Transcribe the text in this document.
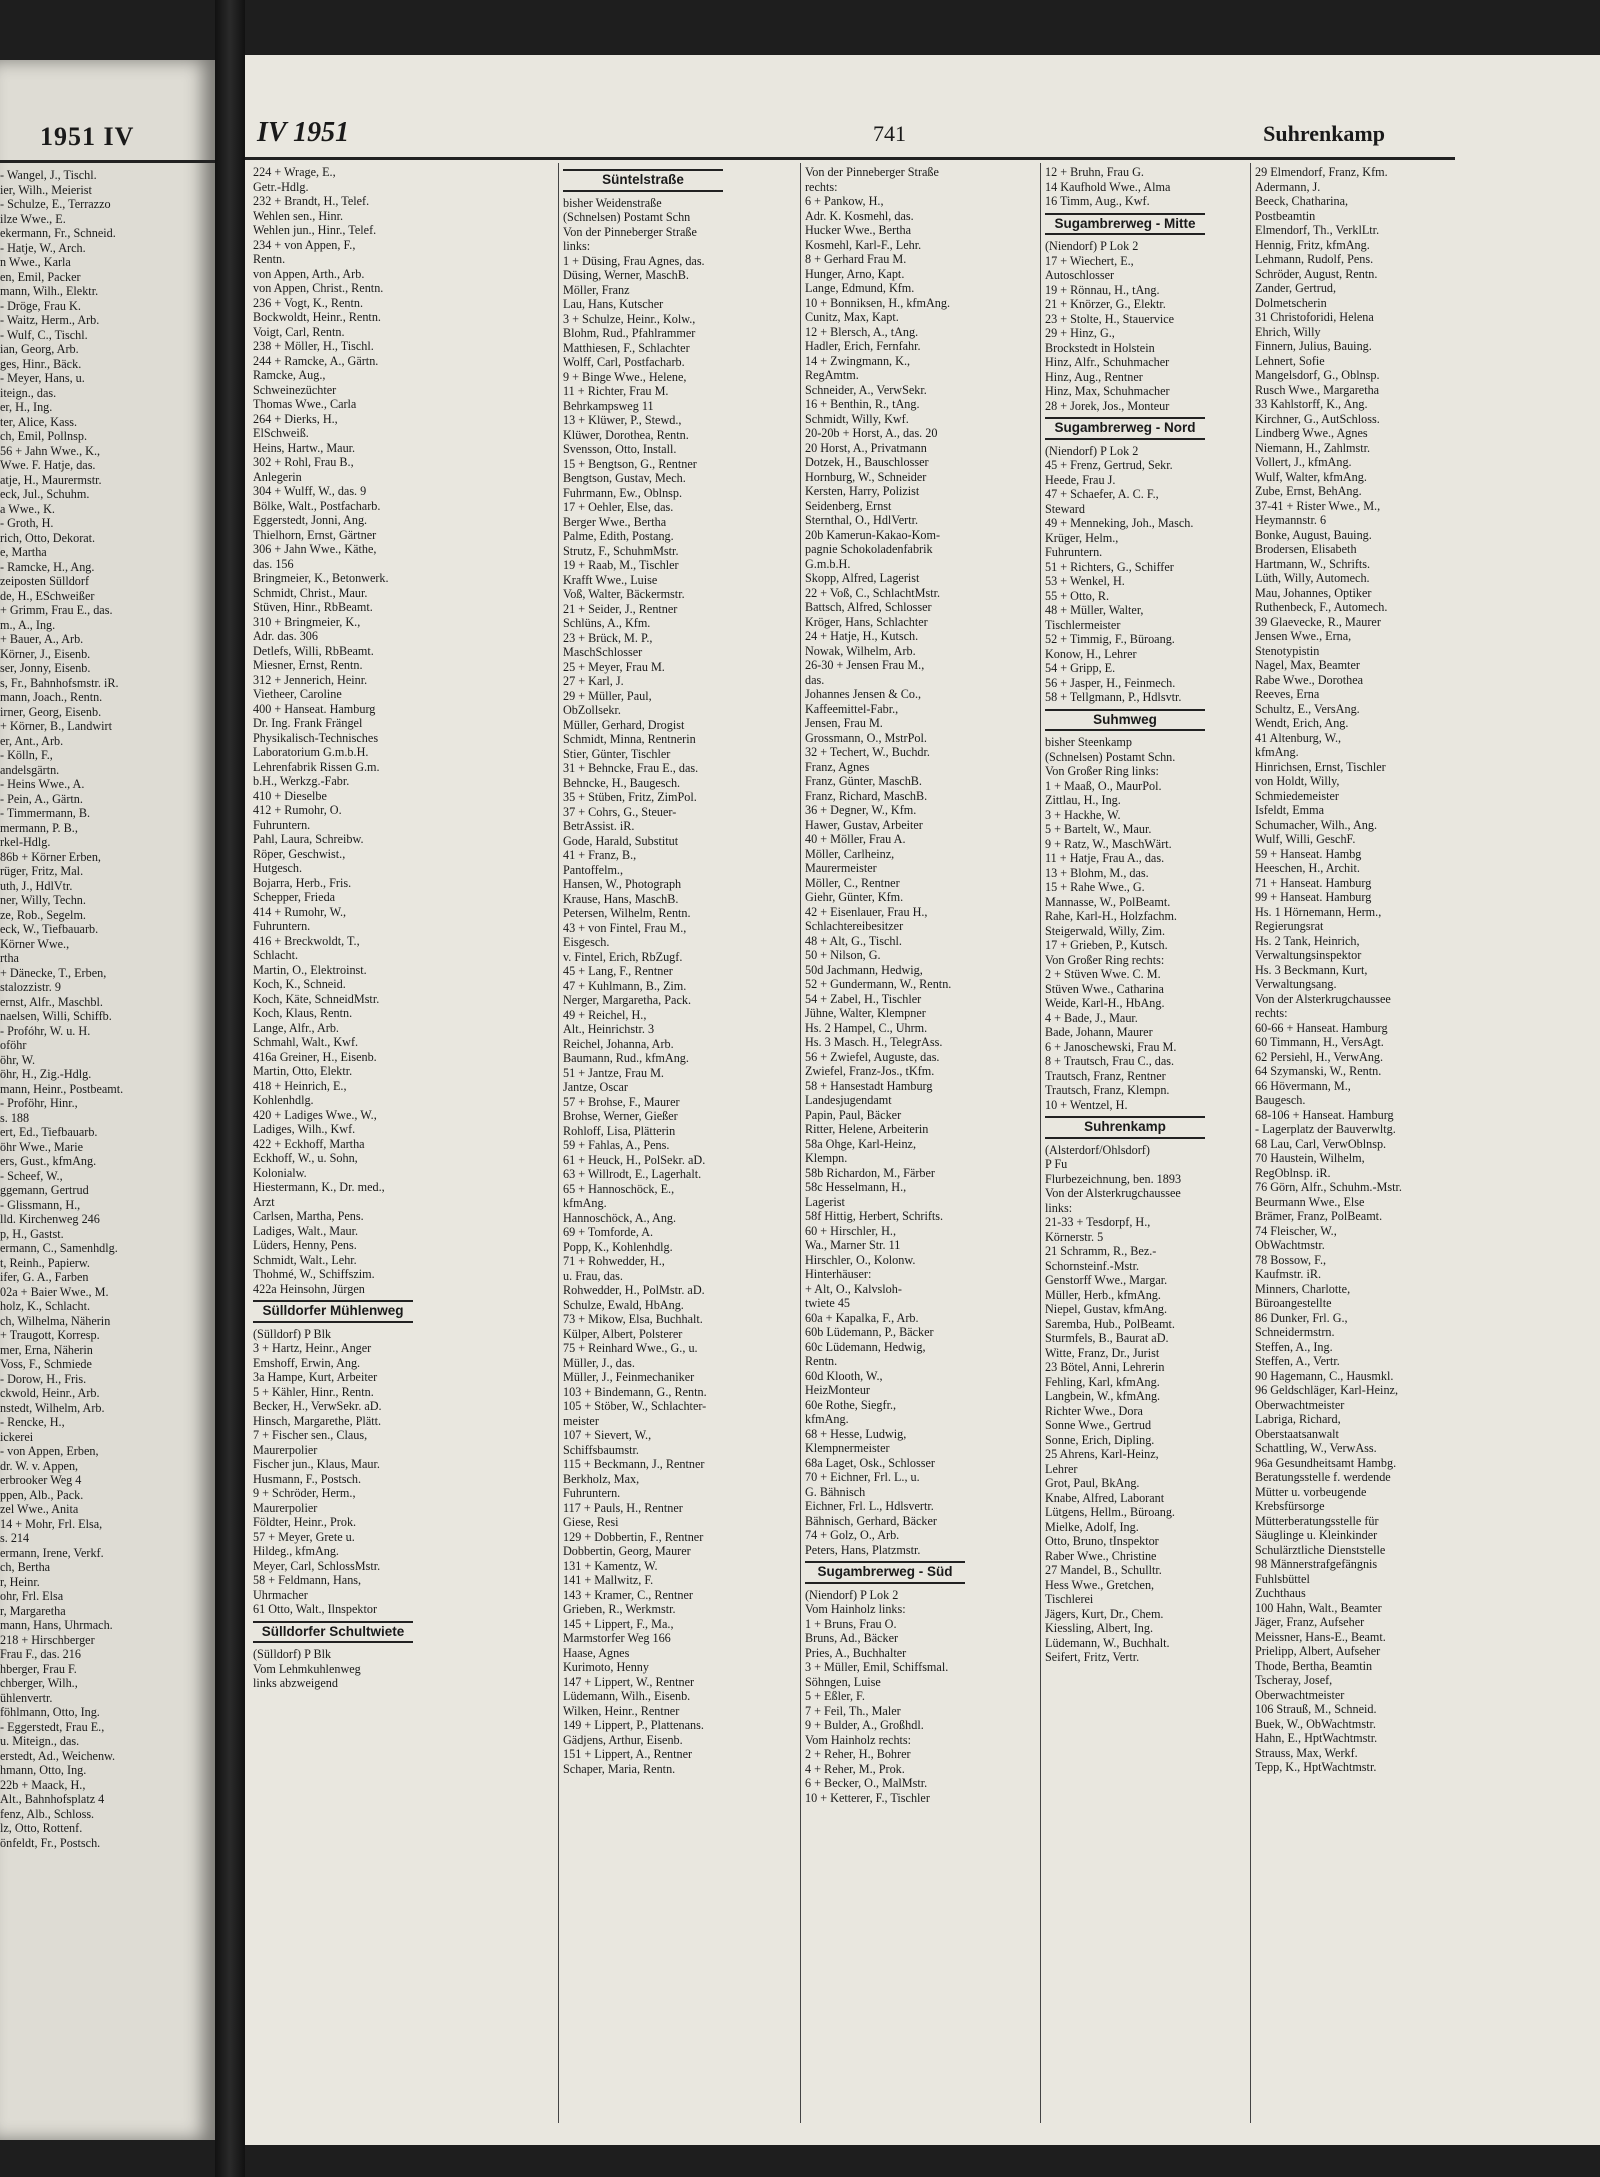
1951 IV
- Wangel, J., Tischl.
ier, Wilh., Meierist
- Schulze, E., Terrazzo
ilze Wwe., E.
ekermann, Fr., Schneid.
- Hatje, W., Arch.
n Wwe., Karla
en, Emil, Packer
mann, Wilh., Elektr.
- Dröge, Frau K.
- Waitz, Herm., Arb.
- Wulf, C., Tischl.
ian, Georg, Arb.
ges, Hinr., Bäck.
- Meyer, Hans, u.
iteign., das.
er, H., Ing.
ter, Alice, Kass.
ch, Emil, Pollnsp.
56 + Jahn Wwe., K.,
Wwe. F. Hatje, das.
atje, H., Maurermstr.
eck, Jul., Schuhm.
a Wwe., K.
- Groth, H.
rich, Otto, Dekorat.
e, Martha
- Ramcke, H., Ang.
zeiposten Sülldorf
de, H., ESchweißer
+ Grimm, Frau E., das.
m., A., Ing.
+ Bauer, A., Arb.
Körner, J., Eisenb.
ser, Jonny, Eisenb.
s, Fr., Bahnhofsmstr. iR.
mann, Joach., Rentn.
irner, Georg, Eisenb.
+ Körner, B., Landwirt
er, Ant., Arb.
- Kölln, F.,
andelsgärtn.
- Heins Wwe., A.
- Pein, A., Gärtn.
- Timmermann, B.
mermann, P. B.,
rkel-Hdlg.
86b + Körner Erben,
rüger, Fritz, Mal.
uth, J., HdlVtr.
ner, Willy, Techn.
ze, Rob., Segelm.
eck, W., Tiefbauarb.
Körner Wwe.,
rtha
+ Dänecke, T., Erben,
stalozzistr. 9
ernst, Alfr., Maschbl.
naelsen, Willi, Schiffb.
- Profóhr, W. u. H.
oföhr
öhr, W.
öhr, H., Zig.-Hdlg.
mann, Heinr., Postbeamt.
- Proföhr, Hinr.,
s. 188
ert, Ed., Tiefbauarb.
öhr Wwe., Marie
ers, Gust., kfmAng.
- Scheef, W.,
ggemann, Gertrud
- Glissmann, H.,
lld. Kirchenweg 246
p, H., Gastst.
ermann, C., Samenhdlg.
t, Reinh., Papierw.
ifer, G. A., Farben
02a + Baier Wwe., M.
holz, K., Schlacht.
ch, Wilhelma, Näherin
+ Traugott, Korresp.
mer, Erna, Näherin
Voss, F., Schmiede
- Dorow, H., Fris.
ckwold, Heinr., Arb.
nstedt, Wilhelm, Arb.
- Rencke, H.,
ickerei
- von Appen, Erben,
dr. W. v. Appen,
erbrooker Weg 4
ppen, Alb., Pack.
zel Wwe., Anita
14 + Mohr, Frl. Elsa,
s. 214
ermann, Irene, Verkf.
ch, Bertha
r, Heinr.
ohr, Frl. Elsa
r, Margaretha
mann, Hans, Uhrmach.
218 + Hirschberger
Frau F., das. 216
hberger, Frau F.
chberger, Wilh.,
ühlenvertr.
föhlmann, Otto, Ing.
- Eggerstedt, Frau E.,
u. Miteign., das.
erstedt, Ad., Weichenw.
hmann, Otto, Ing.
22b + Maack, H.,
Alt., Bahnhofsplatz 4
fenz, Alb., Schloss.
lz, Otto, Rottenf.
önfeldt, Fr., Postsch.
IV 1951	741	Suhrenkamp
224 + Wrage, E.,
Getr.-Hdlg.
232 + Brandt, H., Telef.
Wehlen sen., Hinr.
Wehlen jun., Hinr., Telef.
234 + von Appen, F.,
Rentn.
von Appen, Arth., Arb.
von Appen, Christ., Rentn.
236 + Vogt, K., Rentn.
Bockwoldt, Heinr., Rentn.
Voigt, Carl, Rentn.
238 + Möller, H., Tischl.
244 + Ramcke, A., Gärtn.
Ramcke, Aug.,
Schweinezüchter
Thomas Wwe., Carla
264 + Dierks, H.,
ElSchweiß.
Heins, Hartw., Maur.
302 + Rohl, Frau B.,
Anlegerin
304 + Wulff, W., das. 9
Bölke, Walt., Postfacharb.
Eggerstedt, Jonni, Ang.
Thielhorn, Ernst, Gärtner
306 + Jahn Wwe., Käthe,
das. 156
Bringmeier, K., Betonwerk.
Schmidt, Christ., Maur.
Stüven, Hinr., RbBeamt.
310 + Bringmeier, K.,
Adr. das. 306
Detlefs, Willi, RbBeamt.
Miesner, Ernst, Rentn.
312 + Jennerich, Heinr.
Vietheer, Caroline
400 + Hanseat. Hamburg
Dr. Ing. Frank Frängel
Physikalisch-Technisches
Laboratorium G.m.b.H.
Lehrenfabrik Rissen G.m.
b.H., Werkzg.-Fabr.
410 + Dieselbe
412 + Rumohr, O.
Fuhruntern.
Pahl, Laura, Schreibw.
Röper, Geschwist.,
Hutgesch.
Bojarra, Herb., Fris.
Schepper, Frieda
414 + Rumohr, W.,
Fuhruntern.
416 + Breckwoldt, T.,
Schlacht.
Martin, O., Elektroinst.
Koch, K., Schneid.
Koch, Käte, SchneidMstr.
Koch, Klaus, Rentn.
Lange, Alfr., Arb.
Schmahl, Walt., Kwf.
416a Greiner, H., Eisenb.
Martin, Otto, Elektr.
418 + Heinrich, E.,
Kohlenhdlg.
420 + Ladiges Wwe., W.,
Ladiges, Wilh., Kwf.
422 + Eckhoff, Martha
Eckhoff, W., u. Sohn,
Kolonialw.
Hiestermann, K., Dr. med.,
Arzt
Carlsen, Martha, Pens.
Ladiges, Walt., Maur.
Lüders, Henny, Pens.
Schmidt, Walt., Lehr.
Thohmé, W., Schiffszim.
422a Heinsohn, Jürgen
Sülldorfer Mühlenweg
(Sülldorf) P Blk
3 + Hartz, Heinr., Anger
Emshoff, Erwin, Ang.
3a Hampe, Kurt, Arbeiter
5 + Kähler, Hinr., Rentn.
Becker, H., VerwSekr. aD.
Hinsch, Margarethe, Plätt.
7 + Fischer sen., Claus,
Maurerpolier
Fischer jun., Klaus, Maur.
Husmann, F., Postsch.
9 + Schröder, Herm.,
Maurerpolier
Földter, Heinr., Prok.
57 + Meyer, Grete u.
Hildeg., kfmAng.
Meyer, Carl, SchlossMstr.
58 + Feldmann, Hans,
Uhrmacher
61 Otto, Walt., Ilnspektor
Sülldorfer Schultwiete
(Sülldorf) P Blk
Vom Lehmkuhlenweg
links abzweigend
Süntelstraße
bisher Weidenstraße
(Schnelsen) Postamt Schn
Von der Pinneberger Straße
links:
1 + Düsing, Frau Agnes, das.
Düsing, Werner, MaschB.
Möller, Franz
Lau, Hans, Kutscher
3 + Schulze, Heinr., Kolw.,
Blohm, Rud., Pfahlrammer
Matthiesen, F., Schlachter
Wolff, Carl, Postfacharb.
9 + Binge Wwe., Helene,
11 + Richter, Frau M.
Behrkampsweg 11
13 + Klüwer, P., Stewd.,
Klüwer, Dorothea, Rentn.
Svensson, Otto, Install.
15 + Bengtson, G., Rentner
Bengtson, Gustav, Mech.
Fuhrmann, Ew., Oblnsp.
17 + Oehler, Else, das.
Berger Wwe., Bertha
Palme, Edith, Postang.
Strutz, F., SchuhmMstr.
19 + Raab, M., Tischler
Krafft Wwe., Luise
Voß, Walter, Bäckermstr.
21 + Seider, J., Rentner
Schlüns, A., Kfm.
23 + Brück, M. P.,
MaschSchlosser
25 + Meyer, Frau M.
27 + Karl, J.
29 + Müller, Paul,
ObZollsekr.
Müller, Gerhard, Drogist
Schmidt, Minna, Rentnerin
Stier, Günter, Tischler
31 + Behncke, Frau E., das.
Behncke, H., Baugesch.
35 + Stüben, Fritz, ZimPol.
37 + Cohrs, G., Steuer-
BetrAssist. iR.
Gode, Harald, Substitut
41 + Franz, B.,
Pantoffelm.,
Hansen, W., Photograph
Krause, Hans, MaschB.
Petersen, Wilhelm, Rentn.
43 + von Fintel, Frau M.,
Eisgesch.
v. Fintel, Erich, RbZugf.
45 + Lang, F., Rentner
47 + Kuhlmann, B., Zim.
Nerger, Margaretha, Pack.
49 + Reichel, H.,
Alt., Heinrichstr. 3
Reichel, Johanna, Arb.
Baumann, Rud., kfmAng.
51 + Jantze, Frau M.
Jantze, Oscar
57 + Brohse, F., Maurer
Brohse, Werner, Gießer
Rohloff, Lisa, Plätterin
59 + Fahlas, A., Pens.
61 + Heuck, H., PolSekr. aD.
63 + Willrodt, E., Lagerhalt.
65 + Hannoschöck, E.,
kfmAng.
Hannoschöck, A., Ang.
69 + Tomforde, A.
Popp, K., Kohlenhdlg.
71 + Rohwedder, H.,
u. Frau, das.
Rohwedder, H., PolMstr. aD.
Schulze, Ewald, HbAng.
73 + Mikow, Elsa, Buchhalt.
Külper, Albert, Polsterer
75 + Reinhard Wwe., G., u.
Müller, J., das.
Müller, J., Feinmechaniker
103 + Bindemann, G., Rentn.
105 + Stöber, W., Schlachter-
meister
107 + Sievert, W.,
Schiffsbaumstr.
115 + Beckmann, J., Rentner
Berkholz, Max,
Fuhruntern.
117 + Pauls, H., Rentner
Giese, Resi
129 + Dobbertin, F., Rentner
Dobbertin, Georg, Maurer
131 + Kamentz, W.
141 + Mallwitz, F.
143 + Kramer, C., Rentner
Grieben, R., Werkmstr.
145 + Lippert, F., Ma.,
Marmstorfer Weg 166
Haase, Agnes
Kurimoto, Henny
147 + Lippert, W., Rentner
Lüdemann, Wilh., Eisenb.
Wilken, Heinr., Rentner
149 + Lippert, P., Plattenans.
Gädjens, Arthur, Eisenb.
151 + Lippert, A., Rentner
Schaper, Maria, Rentn.
Von der Pinneberger Straße
rechts:
6 + Pankow, H.,
Adr. K. Kosmehl, das.
Hucker Wwe., Bertha
Kosmehl, Karl-F., Lehr.
8 + Gerhard Frau M.
Hunger, Arno, Kapt.
Lange, Edmund, Kfm.
10 + Bonniksen, H., kfmAng.
Cunitz, Max, Kapt.
12 + Blersch, A., tAng.
Hadler, Erich, Fernfahr.
14 + Zwingmann, K.,
RegAmtm.
Schneider, A., VerwSekr.
16 + Benthin, R., tAng.
Schmidt, Willy, Kwf.
20-20b + Horst, A., das. 20
20 Horst, A., Privatmann
Dotzek, H., Bauschlosser
Hornburg, W., Schneider
Kersten, Harry, Polizist
Seidenberg, Ernst
Sternthal, O., HdlVertr.
20b Kamerun-Kakao-Kom-
pagnie Schokoladenfabrik
G.m.b.H.
Skopp, Alfred, Lagerist
22 + Voß, C., SchlachtMstr.
Battsch, Alfred, Schlosser
Kröger, Hans, Schlachter
24 + Hatje, H., Kutsch.
Nowak, Wilhelm, Arb.
26-30 + Jensen Frau M.,
das.
Johannes Jensen & Co.,
Kaffeemittel-Fabr.,
Jensen, Frau M.
Grossmann, O., MstrPol.
32 + Techert, W., Buchdr.
Franz, Agnes
Franz, Günter, MaschB.
Franz, Richard, MaschB.
36 + Degner, W., Kfm.
Hawer, Gustav, Arbeiter
40 + Möller, Frau A.
Möller, Carlheinz,
Maurermeister
Möller, C., Rentner
Giehr, Günter, Kfm.
42 + Eisenlauer, Frau H.,
Schlachtereibesitzer
48 + Alt, G., Tischl.
50 + Nilson, G.
50d Jachmann, Hedwig,
52 + Gundermann, W., Rentn.
54 + Zabel, H., Tischler
Jühne, Walter, Klempner
Hs. 2 Hampel, C., Uhrm.
Hs. 3 Masch. H., TelegrAss.
56 + Zwiefel, Auguste, das.
Zwiefel, Franz-Jos., tKfm.
58 + Hansestadt Hamburg
Landesjugendamt
Papin, Paul, Bäcker
Ritter, Helene, Arbeiterin
58a Ohge, Karl-Heinz,
Klempn.
58b Richardon, M., Färber
58c Hesselmann, H.,
Lagerist
58f Hittig, Herbert, Schrifts.
60 + Hirschler, H.,
Wa., Marner Str. 11
Hirschler, O., Kolonw.
Hinterhäuser:
+ Alt, O., Kalvsloh-
twiete 45
60a + Kapalka, F., Arb.
60b Lüdemann, P., Bäcker
60c Lüdemann, Hedwig,
Rentn.
60d Klooth, W.,
HeizMonteur
60e Rothe, Siegfr.,
kfmAng.
68 + Hesse, Ludwig,
Klempnermeister
68a Laget, Osk., Schlosser
70 + Eichner, Frl. L., u.
G. Bähnisch
Eichner, Frl. L., Hdlsvertr.
Bähnisch, Gerhard, Bäcker
74 + Golz, O., Arb.
Peters, Hans, Platzmstr.
Sugambrerweg - Süd
(Niendorf) P Lok 2
Vom Hainholz links:
1 + Bruns, Frau O.
Bruns, Ad., Bäcker
Pries, A., Buchhalter
3 + Müller, Emil, Schiffsmal.
Söhngen, Luise
5 + Eßler, F.
7 + Feil, Th., Maler
9 + Bulder, A., Großhdl.
Vom Hainholz rechts:
2 + Reher, H., Bohrer
4 + Reher, M., Prok.
6 + Becker, O., MalMstr.
10 + Ketterer, F., Tischler
12 + Bruhn, Frau G.
14 Kaufhold Wwe., Alma
16 Timm, Aug., Kwf.
Sugambrerweg - Mitte
(Niendorf) P Lok 2
17 + Wiechert, E.,
Autoschlosser
19 + Rönnau, H., tAng.
21 + Knörzer, G., Elektr.
23 + Stolte, H., Stauervice
29 + Hinz, G.,
Brockstedt in Holstein
Hinz, Alfr., Schuhmacher
Hinz, Aug., Rentner
Hinz, Max, Schuhmacher
28 + Jorek, Jos., Monteur
Sugambrerweg - Nord
(Niendorf) P Lok 2
45 + Frenz, Gertrud, Sekr.
Heede, Frau J.
47 + Schaefer, A. C. F.,
Steward
49 + Menneking, Joh., Masch.
Krüger, Helm.,
Fuhruntern.
51 + Richters, G., Schiffer
53 + Wenkel, H.
55 + Otto, R.
48 + Müller, Walter,
Tischlermeister
52 + Timmig, F., Büroang.
Konow, H., Lehrer
54 + Gripp, E.
56 + Jasper, H., Feinmech.
58 + Tellgmann, P., Hdlsvtr.
Suhmweg
bisher Steenkamp
(Schnelsen) Postamt Schn.
Von Großer Ring links:
1 + Maaß, O., MaurPol.
Zittlau, H., Ing.
3 + Hackhe, W.
5 + Bartelt, W., Maur.
9 + Ratz, W., MaschWärt.
11 + Hatje, Frau A., das.
13 + Blohm, M., das.
15 + Rahe Wwe., G.
Mannasse, W., PolBeamt.
Rahe, Karl-H., Holzfachm.
Steigerwald, Willy, Zim.
17 + Grieben, P., Kutsch.
Von Großer Ring rechts:
2 + Stüven Wwe. C. M.
Stüven Wwe., Catharina
Weide, Karl-H., HbAng.
4 + Bade, J., Maur.
Bade, Johann, Maurer
6 + Janoschewski, Frau M.
8 + Trautsch, Frau C., das.
Trautsch, Franz, Rentner
Trautsch, Franz, Klempn.
10 + Wentzel, H.
Suhrenkamp
(Alsterdorf/Ohlsdorf)
P Fu
Flurbezeichnung, ben. 1893
Von der Alsterkrugchaussee
links:
21-33 + Tesdorpf, H.,
Körnerstr. 5
21 Schramm, R., Bez.-
Schornsteinf.-Mstr.
Genstorff Wwe., Margar.
Müller, Herb., kfmAng.
Niepel, Gustav, kfmAng.
Saremba, Hub., PolBeamt.
Sturmfels, B., Baurat aD.
Witte, Franz, Dr., Jurist
23 Bötel, Anni, Lehrerin
Fehling, Karl, kfmAng.
Langbein, W., kfmAng.
Richter Wwe., Dora
Sonne Wwe., Gertrud
Sonne, Erich, Dipling.
25 Ahrens, Karl-Heinz,
Lehrer
Grot, Paul, BkAng.
Knabe, Alfred, Laborant
Lütgens, Hellm., Büroang.
Mielke, Adolf, Ing.
Otto, Bruno, tInspektor
Raber Wwe., Christine
27 Mandel, B., Schulltr.
Hess Wwe., Gretchen,
Tischlerei
Jägers, Kurt, Dr., Chem.
Kiessling, Albert, Ing.
Lüdemann, W., Buchhalt.
Seifert, Fritz, Vertr.
29 Elmendorf, Franz, Kfm.
Adermann, J.
Beeck, Chatharina,
Postbeamtin
Elmendorf, Th., VerklLtr.
Hennig, Fritz, kfmAng.
Lehmann, Rudolf, Pens.
Schröder, August, Rentn.
Zander, Gertrud,
Dolmetscherin
31 Christoforidi, Helena
Ehrich, Willy
Finnern, Julius, Bauing.
Lehnert, Sofie
Mangelsdorf, G., Oblnsp.
Rusch Wwe., Margaretha
33 Kahlstorff, K., Ang.
Kirchner, G., AutSchloss.
Lindberg Wwe., Agnes
Niemann, H., Zahlmstr.
Vollert, J., kfmAng.
Wulf, Walter, kfmAng.
Zube, Ernst, BehAng.
37-41 + Rister Wwe., M.,
Heymannstr. 6
Bonke, August, Bauing.
Brodersen, Elisabeth
Hartmann, W., Schrifts.
Lüth, Willy, Automech.
Mau, Johannes, Optiker
Ruthenbeck, F., Automech.
39 Glaevecke, R., Maurer
Jensen Wwe., Erna,
Stenotypistin
Nagel, Max, Beamter
Rabe Wwe., Dorothea
Reeves, Erna
Schultz, E., VersAng.
Wendt, Erich, Ang.
41 Altenburg, W.,
kfmAng.
Hinrichsen, Ernst, Tischler
von Holdt, Willy,
Schmiedemeister
Isfeldt, Emma
Schumacher, Wilh., Ang.
Wulf, Willi, GeschF.
59 + Hanseat. Hambg
Heeschen, H., Archit.
71 + Hanseat. Hamburg
99 + Hanseat. Hamburg
Hs. 1 Hörnemann, Herm.,
Regierungsrat
Hs. 2 Tank, Heinrich,
Verwaltungsinspektor
Hs. 3 Beckmann, Kurt,
Verwaltungsang.
Von der Alsterkrugchaussee
rechts:
60-66 + Hanseat. Hamburg
60 Timmann, H., VersAgt.
62 Persiehl, H., VerwAng.
64 Szymanski, W., Rentn.
66 Hövermann, M.,
Baugesch.
68-106 + Hanseat. Hamburg
- Lagerplatz der Bauverwltg.
68 Lau, Carl, VerwOblnsp.
70 Haustein, Wilhelm,
RegOblnsp. iR.
76 Görn, Alfr., Schuhm.-Mstr.
Beurmann Wwe., Else
Brämer, Franz, PolBeamt.
74 Fleischer, W.,
ObWachtmstr.
78 Bossow, F.,
Kaufmstr. iR.
Minners, Charlotte,
Büroangestellte
86 Dunker, Frl. G.,
Schneidermstrn.
Steffen, A., Ing.
Steffen, A., Vertr.
90 Hagemann, C., Hausmkl.
96 Geldschläger, Karl-Heinz,
Oberwachtmeister
Labriga, Richard,
Oberstaatsanwalt
Schattling, W., VerwAss.
96a Gesundheitsamt Hambg.
Beratungsstelle f. werdende
Mütter u. vorbeugende
Krebsfürsorge
Mütterberatungsstelle für
Säuglinge u. Kleinkinder
Schulärztliche Dienststelle
98 Männerstrafgefängnis
Fuhlsbüttel
Zuchthaus
100 Hahn, Walt., Beamter
Jäger, Franz, Aufseher
Meissner, Hans-E., Beamt.
Prielipp, Albert, Aufseher
Thode, Bertha, Beamtin
Tscheray, Josef,
Oberwachtmeister
106 Strauß, M., Schneid.
Buek, W., ObWachtmstr.
Hahn, E., HptWachtmstr.
Strauss, Max, Werkf.
Tepp, K., HptWachtmstr.
